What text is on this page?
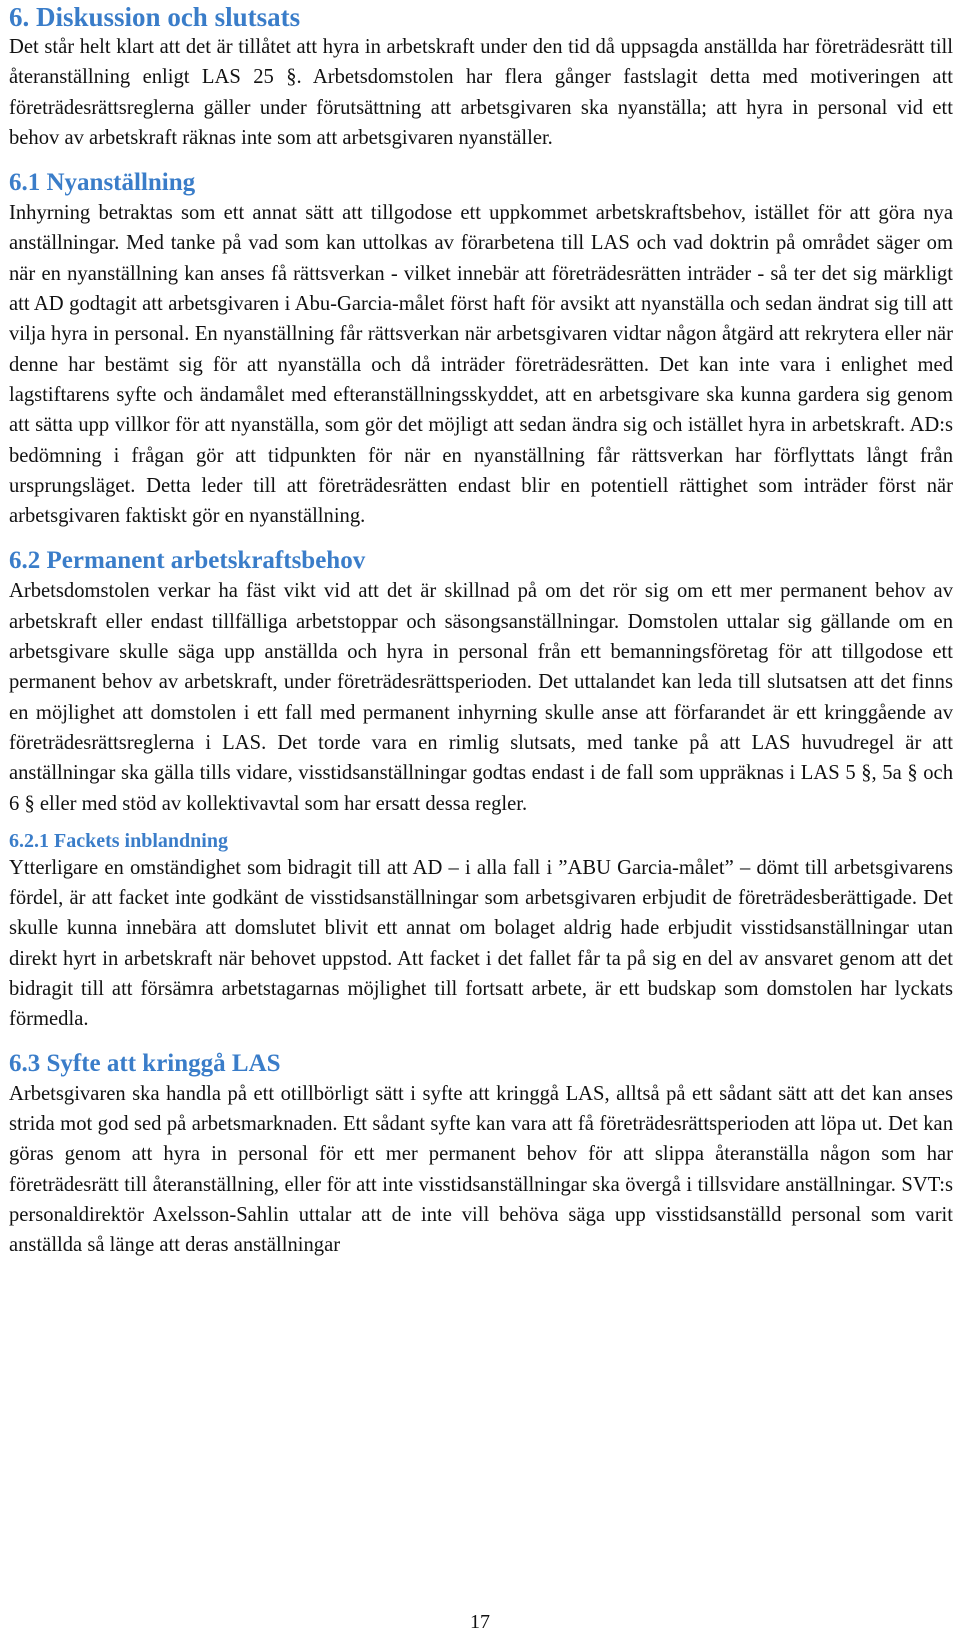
6. Diskussion och slutsats

Det står helt klart att det är tillåtet att hyra in arbetskraft under den tid då uppsagda anställda har företrädesrätt till återanställning enligt LAS 25 §. Arbetsdomstolen har flera gånger fastslagit detta med motiveringen att företrädesrättsreglerna gäller under förutsättning att arbetsgivaren ska nyanställa; att hyra in personal vid ett behov av arbetskraft räknas inte som att arbetsgivaren nyanställer.

6.1 Nyanställning

Inhyrning betraktas som ett annat sätt att tillgodose ett uppkommet arbetskraftsbehov, istället för att göra nya anställningar. Med tanke på vad som kan uttolkas av förarbetena till LAS och vad doktrin på området säger om när en nyanställning kan anses få rättsverkan - vilket innebär att företrädesrätten inträder - så ter det sig märkligt att AD godtagit att arbetsgivaren i Abu-Garcia-målet först haft för avsikt att nyanställa och sedan ändrat sig till att vilja hyra in personal. En nyanställning får rättsverkan när arbetsgivaren vidtar någon åtgärd att rekrytera eller när denne har bestämt sig för att nyanställa och då inträder företrädesrätten. Det kan inte vara i enlighet med lagstiftarens syfte och ändamålet med efteranställningsskyddet, att en arbetsgivare ska kunna gardera sig genom att sätta upp villkor för att nyanställa, som gör det möjligt att sedan ändra sig och istället hyra in arbetskraft. AD:s bedömning i frågan gör att tidpunkten för när en nyanställning får rättsverkan har förflyttats långt från ursprungsläget. Detta leder till att företrädesrätten endast blir en potentiell rättighet som inträder först när arbetsgivaren faktiskt gör en nyanställning.

6.2 Permanent arbetskraftsbehov

Arbetsdomstolen verkar ha fäst vikt vid att det är skillnad på om det rör sig om ett mer permanent behov av arbetskraft eller endast tillfälliga arbetstoppar och säsongsanställningar. Domstolen uttalar sig gällande om en arbetsgivare skulle säga upp anställda och hyra in personal från ett bemanningsföretag för att tillgodose ett permanent behov av arbetskraft, under företrädesrättsperioden. Det uttalandet kan leda till slutsatsen att det finns en möjlighet att domstolen i ett fall med permanent inhyrning skulle anse att förfarandet är ett kringgående av företrädesrättsreglerna i LAS. Det torde vara en rimlig slutsats, med tanke på att LAS huvudregel är att anställningar ska gälla tills vidare, visstidsanställningar godtas endast i de fall som uppräknas i LAS 5 §, 5a § och 6 § eller med stöd av kollektivavtal som har ersatt dessa regler.

6.2.1 Fackets inblandning

Ytterligare en omständighet som bidragit till att AD – i alla fall i ”ABU Garcia-målet” – dömt till arbetsgivarens fördel, är att facket inte godkänt de visstidsanställningar som arbetsgivaren erbjudit de företrädesberättigade. Det skulle kunna innebära att domslutet blivit ett annat om bolaget aldrig hade erbjudit visstidsanställningar utan direkt hyrt in arbetskraft när behovet uppstod. Att facket i det fallet får ta på sig en del av ansvaret genom att det bidragit till att försämra arbetstagarnas möjlighet till fortsatt arbete, är ett budskap som domstolen har lyckats förmedla.

6.3 Syfte att kringgå LAS

Arbetsgivaren ska handla på ett otillbörligt sätt i syfte att kringgå LAS, alltså på ett sådant sätt att det kan anses strida mot god sed på arbetsmarknaden. Ett sådant syfte kan vara att få företrädesrättsperioden att löpa ut. Det kan göras genom att hyra in personal för ett mer permanent behov för att slippa återanställa någon som har företrädesrätt till återanställning, eller för att inte visstidsanställningar ska övergå i tillsvidare anställningar. SVT:s personaldirektör Axelsson-Sahlin uttalar att de inte vill behöva säga upp visstidsanställd personal som varit anställda så länge att deras anställningar

17
